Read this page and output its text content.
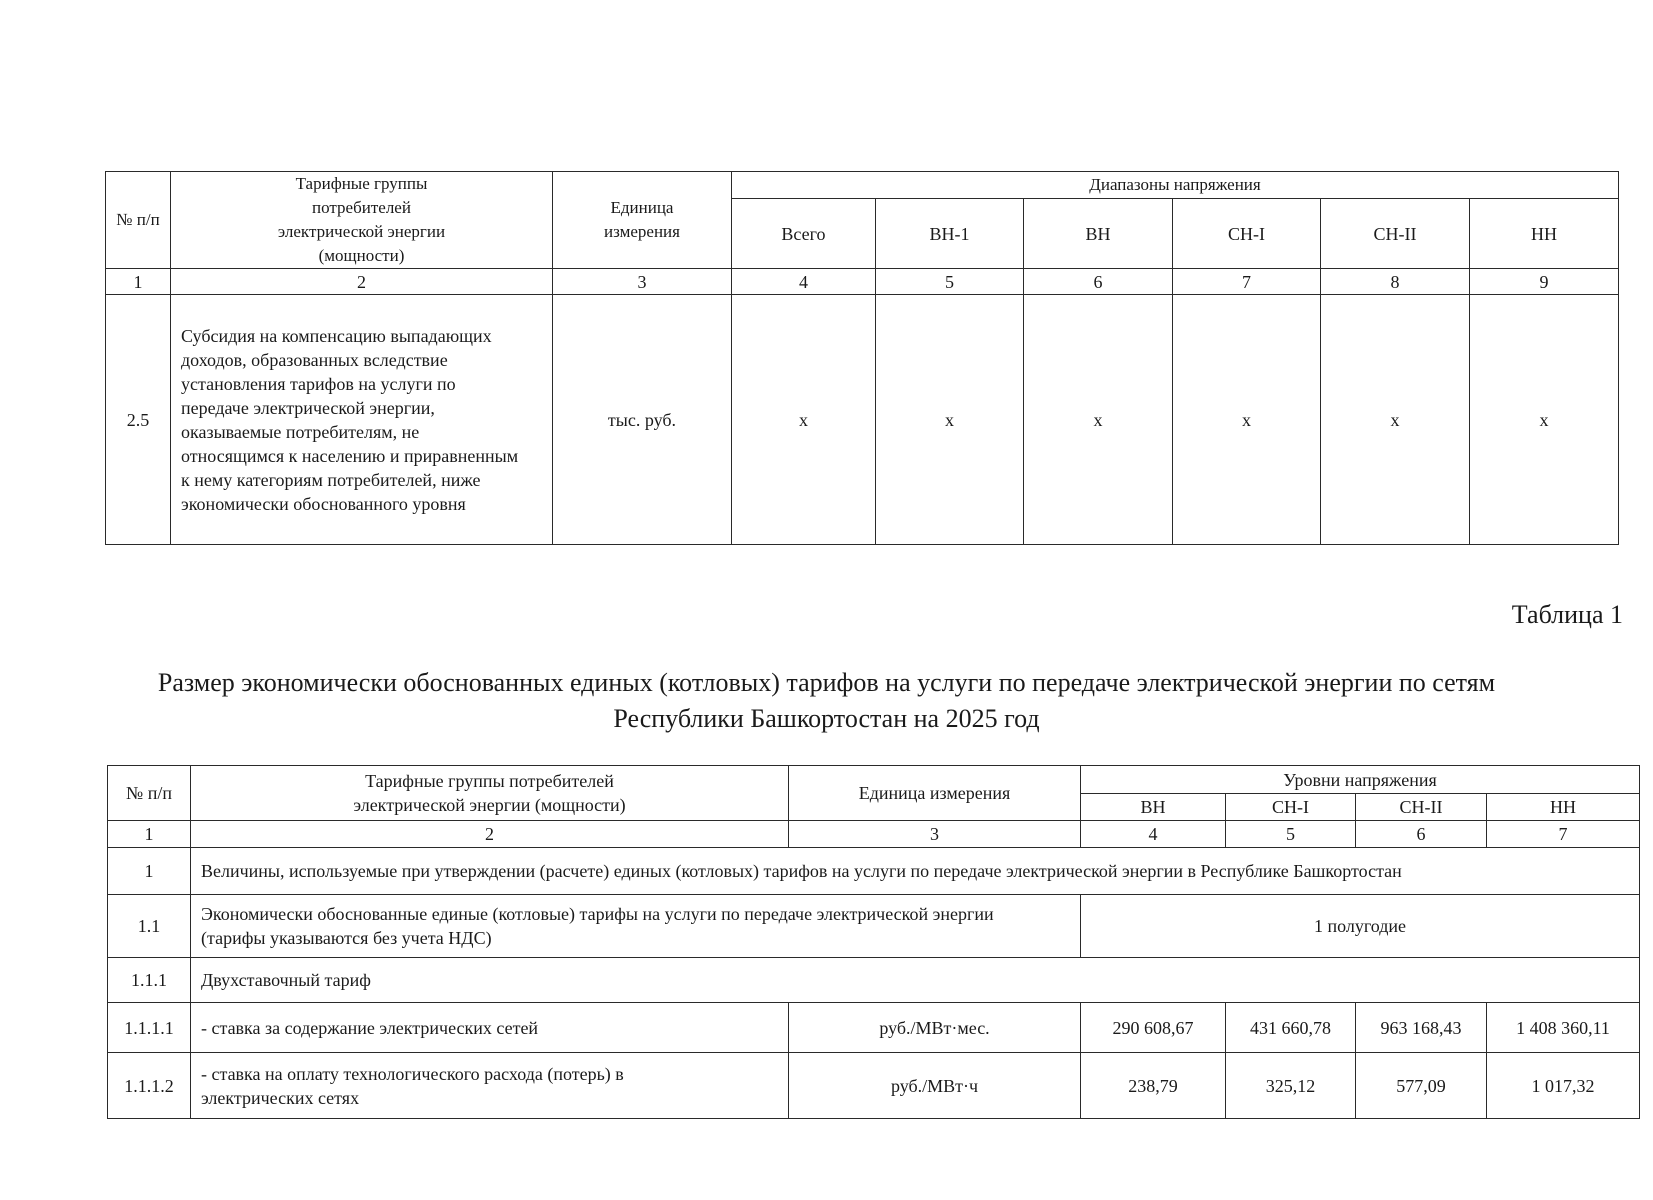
№ п/п	Тарифные группы потребителей электрической энергии (мощности)	Единица измерения	Диапазоны напряжения					
			Всего	ВН-1	ВН	СН-I	СН-II	НН
1	2	3	4	5	6	7	8	9
2.5	Субсидия на компенсацию выпадающих доходов, образованных вследствие установления тарифов на услуги по передаче электрической энергии, оказываемые потребителям, не относящимся к населению и приравненным к нему категориям потребителей, ниже экономически обоснованного уровня	тыс. руб.	x	x	x	x	x	x
Таблица 1
Размер экономически обоснованных единых (котловых) тарифов на услуги по передаче электрической энергии по сетям
Республики Башкортостан на 2025 год
№ п/п	Тарифные группы потребителей электрической энергии (мощности)	Единица измерения	Уровни напряжения			
			ВН	СН-I	СН-II	НН
1	2	3	4	5	6	7
1	Величины, используемые при утверждении (расчете) единых (котловых) тарифов на услуги по передаче электрической энергии в Республике Башкортостан					
1.1	Экономически обоснованные единые (котловые) тарифы на услуги по передаче электрической энергии (тарифы указываются без учета НДС)		1 полугодие			
1.1.1	Двухставочный тариф					
1.1.1.1	- ставка за содержание электрических сетей	руб./МВт·мес.	290 608,67	431 660,78	963 168,43	1 408 360,11
1.1.1.2	- ставка на оплату технологического расхода (потерь) в электрических сетях	руб./МВт·ч	238,79	325,12	577,09	1 017,32
